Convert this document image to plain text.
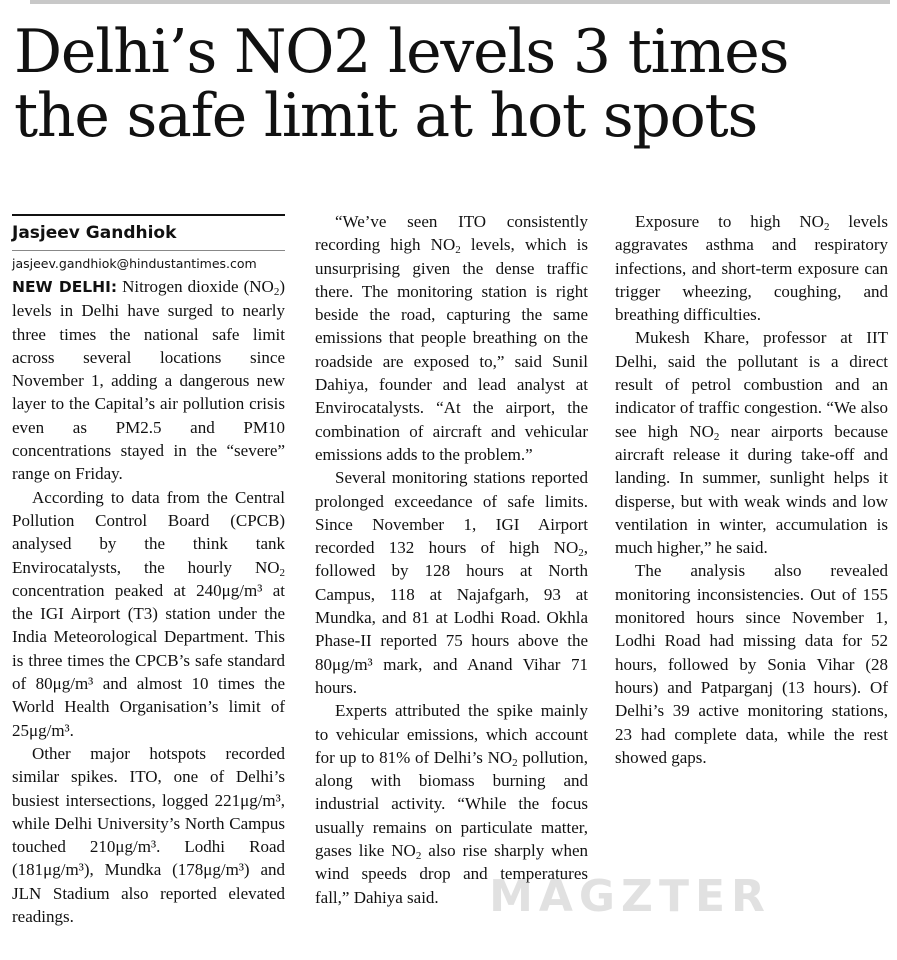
Delhi’s NO2 levels 3 times
the safe limit at hot spots

Jasjeev Gandhiok

jasjeev.gandhiok@hindustantimes.com

NEW DELHI: Nitrogen dioxide $(NO_2)$ levels in Delhi have surged to nearly three times the national safe limit across several locations since November 1, adding a dangerous new layer to the Capital’s air pollution crisis even as PM2.5 and PM10 concentrations stayed in the “severe” range on Friday.

According to data from the Central Pollution Control Board (CPCB) analysed by the think tank Envirocatalysts, the hourly $NO_2$ concentration peaked at 240μg/m³ at the IGI Airport (T3) station under the India Meteorological Department. This is three times the CPCB’s safe standard of 80μg/m³ and almost 10 times the World Health Organisation’s limit of 25μg/m³.

Other major hotspots recorded similar spikes. ITO, one of Delhi’s busiest intersections, logged 221μg/m³, while Delhi University’s North Campus touched 210μg/m³. Lodhi Road (181μg/m³), Mundka (178μg/m³) and JLN Stadium also reported elevated readings.

“We’ve seen ITO consistently recording high $NO_2$ levels, which is unsurprising given the dense traffic there. The monitoring station is right beside the road, capturing the same emissions that people breathing on the roadside are exposed to,” said Sunil Dahiya, founder and lead analyst at Envirocatalysts. “At the airport, the combination of aircraft and vehicular emissions adds to the problem.”

Several monitoring stations reported prolonged exceedance of safe limits. Since November 1, IGI Airport recorded 132 hours of high $NO_2$, followed by 128 hours at North Campus, 118 at Najafgarh, 93 at Mundka, and 81 at Lodhi Road. Okhla Phase-II reported 75 hours above the 80μg/m³ mark, and Anand Vihar 71 hours.

Experts attributed the spike mainly to vehicular emissions, which account for up to 81% of Delhi’s $NO_2$ pollution, along with biomass burning and industrial activity. “While the focus usually remains on particulate matter, gases like $NO_2$ also rise sharply when wind speeds drop and temperatures fall,” Dahiya said.

Exposure to high $NO_2$ levels aggravates asthma and respiratory infections, and short-term exposure can trigger wheezing, coughing, and breathing difficulties.

Mukesh Khare, professor at IIT Delhi, said the pollutant is a direct result of petrol combustion and an indicator of traffic congestion. “We also see high $NO_2$ near airports because aircraft release it during take-off and landing. In summer, sunlight helps it disperse, but with weak winds and low ventilation in winter, accumulation is much higher,” he said.

The analysis also revealed monitoring inconsistencies. Out of 155 monitored hours since November 1, Lodhi Road had missing data for 52 hours, followed by Sonia Vihar (28 hours) and Patparganj (13 hours). Of Delhi’s 39 active monitoring stations, 23 had complete data, while the rest showed gaps.

MAGZTER
